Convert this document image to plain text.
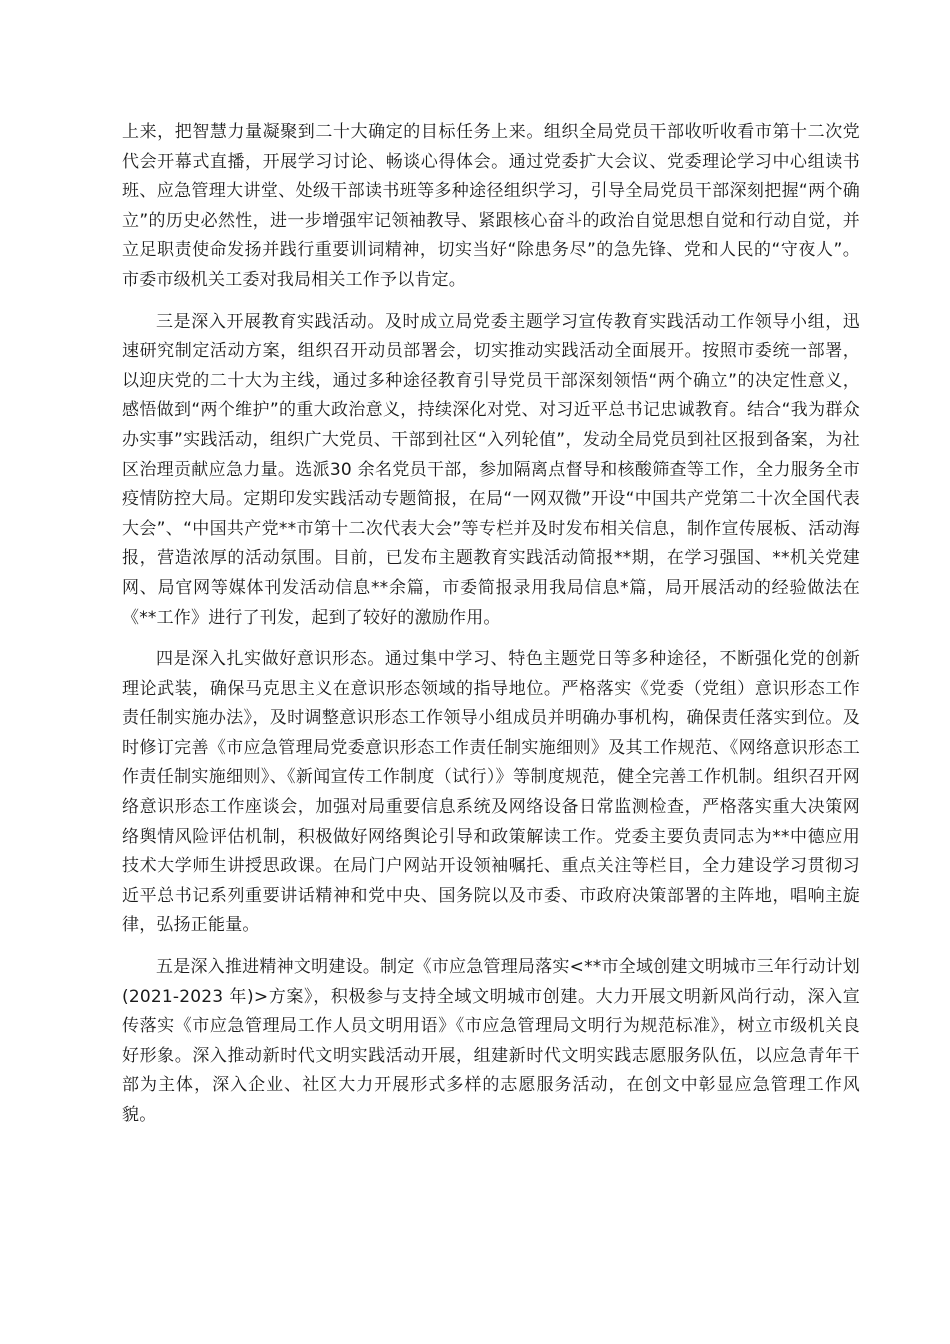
上来，把智慧力量凝聚到二十大确定的目标任务上来。组织全局党员干部收听收看市第十二次党代会开幕式直播，开展学习讨论、畅谈心得体会。通过党委扩大会议、党委理论学习中心组读书班、应急管理大讲堂、处级干部读书班等多种途径组织学习，引导全局党员干部深刻把握“两个确立”的历史必然性，进一步增强牢记领袖教导、紧跟核心奋斗的政治自觉思想自觉和行动自觉，并立足职责使命发扬并践行重要训词精神，切实当好“除患务尽”的急先锋、党和人民的“守夜人”。市委市级机关工委对我局相关工作予以肯定。

三是深入开展教育实践活动。及时成立局党委主题学习宣传教育实践活动工作领导小组，迅速研究制定活动方案，组织召开动员部署会，切实推动实践活动全面展开。按照市委统一部署，以迎庆党的二十大为主线，通过多种途径教育引导党员干部深刻领悟“两个确立”的决定性意义，感悟做到“两个维护”的重大政治意义，持续深化对党、对习近平总书记忠诚教育。结合“我为群众办实事”实践活动，组织广大党员、干部到社区“入列轮值”，发动全局党员到社区报到备案，为社区治理贡献应急力量。选派30 余名党员干部，参加隔离点督导和核酸筛查等工作，全力服务全市疫情防控大局。定期印发实践活动专题简报，在局“一网双微”开设“中国共产党第二十次全国代表大会”、“中国共产党**市第十二次代表大会”等专栏并及时发布相关信息，制作宣传展板、活动海报，营造浓厚的活动氛围。目前，已发布主题教育实践活动简报**期，在学习强国、**机关党建网、局官网等媒体刊发活动信息**余篇，市委简报录用我局信息*篇，局开展活动的经验做法在《**工作》进行了刊发，起到了较好的激励作用。

四是深入扎实做好意识形态。通过集中学习、特色主题党日等多种途径，不断强化党的创新理论武装，确保马克思主义在意识形态领域的指导地位。严格落实《党委（党组）意识形态工作责任制实施办法》，及时调整意识形态工作领导小组成员并明确办事机构，确保责任落实到位。及时修订完善《市应急管理局党委意识形态工作责任制实施细则》及其工作规范、《网络意识形态工作责任制实施细则》、《新闻宣传工作制度（试行）》等制度规范，健全完善工作机制。组织召开网络意识形态工作座谈会，加强对局重要信息系统及网络设备日常监测检查，严格落实重大决策网络舆情风险评估机制，积极做好网络舆论引导和政策解读工作。党委主要负责同志为**中德应用技术大学师生讲授思政课。在局门户网站开设领袖嘱托、重点关注等栏目，全力建设学习贯彻习近平总书记系列重要讲话精神和党中央、国务院以及市委、市政府决策部署的主阵地，唱响主旋律，弘扬正能量。

五是深入推进精神文明建设。制定《市应急管理局落实<**市全域创建文明城市三年行动计划(2021-2023 年)>方案》，积极参与支持全域文明城市创建。大力开展文明新风尚行动，深入宣传落实《市应急管理局工作人员文明用语》《市应急管理局文明行为规范标准》，树立市级机关良好形象。深入推动新时代文明实践活动开展，组建新时代文明实践志愿服务队伍，以应急青年干部为主体，深入企业、社区大力开展形式多样的志愿服务活动，在创文中彰显应急管理工作风貌。
